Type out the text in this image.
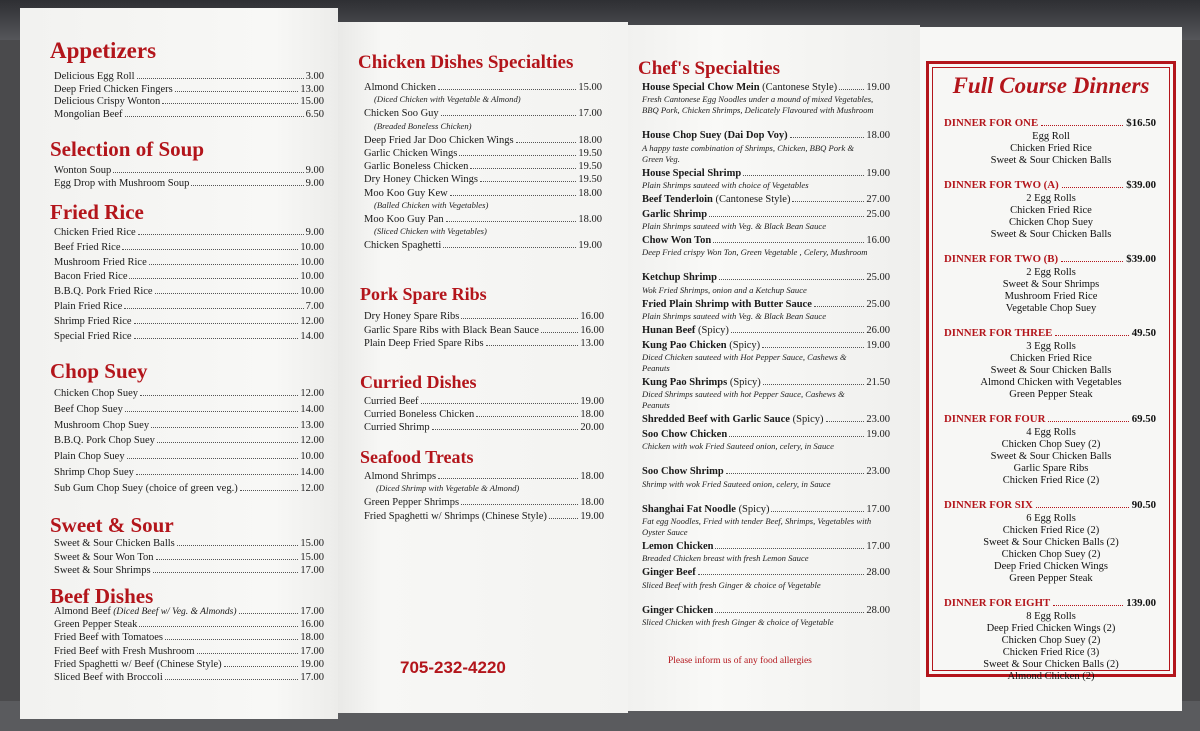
Appetizers
Delicious Egg Roll	3.00
Deep Fried Chicken Fingers	13.00
Delicious Crispy Wonton	15.00
Mongolian Beef	6.50
Selection of Soup
Wonton Soup	9.00
Egg Drop with Mushroom Soup	9.00
Fried Rice
Chicken Fried Rice	9.00
Beef Fried Rice	10.00
Mushroom Fried Rice	10.00
Bacon Fried Rice	10.00
B.B.Q. Pork Fried Rice	10.00
Plain Fried Rice	7.00
Shrimp Fried Rice	12.00
Special Fried Rice	14.00
Chop Suey
Chicken Chop Suey	12.00
Beef Chop Suey	14.00
Mushroom Chop Suey	13.00
B.B.Q. Pork Chop Suey	12.00
Plain Chop Suey	10.00
Shrimp Chop Suey	14.00
Sub Gum Chop Suey (choice of green veg.)	12.00
Sweet & Sour
Sweet & Sour Chicken Balls	15.00
Sweet & Sour Won Ton	15.00
Sweet & Sour Shrimps	17.00
Beef Dishes
Almond Beef (Diced Beef w/ Veg. & Almonds)	17.00
Green Pepper Steak	16.00
Fried Beef with Tomatoes	18.00
Fried Beef with Fresh Mushroom	17.00
Fried Spaghetti w/ Beef (Chinese Style)	19.00
Sliced Beef with Broccoli	17.00
Chicken Dishes Specialties
Almond Chicken	15.00
(Diced Chicken with Vegetable & Almond)
Chicken Soo Guy	17.00
(Breaded Boneless Chicken)
Deep Fried Jar Doo Chicken Wings	18.00
Garlic Chicken Wings	19.50
Garlic Boneless Chicken	19.50
Dry Honey Chicken Wings	19.50
Moo Koo Guy Kew	18.00
(Balled Chicken with Vegetables)
Moo Koo Guy Pan	18.00
(Sliced Chicken with Vegetables)
Chicken Spaghetti	19.00
Pork Spare Ribs
Dry Honey Spare Ribs	16.00
Garlic Spare Ribs with Black Bean Sauce	16.00
Plain Deep Fried Spare Ribs	13.00
Curried Dishes
Curried Beef	19.00
Curried Boneless Chicken	18.00
Curried Shrimp	20.00
Seafood Treats
Almond Shrimps	18.00
(Diced Shrimp with Vegetable & Almond)
Green Pepper Shrimps	18.00
Fried Spaghetti w/ Shrimps (Chinese Style)	19.00
705-232-4220
Chef's Specialties
House Special Chow Mein (Cantonese Style)	19.00
Fresh Cantonese Egg Noodles under a mound of mixed Vegetables, BBQ Pork, Chicken Shrimps, Delicately Flavoured with Mushroom
House Chop Suey (Dai Dop Voy)	18.00
A happy taste combination of Shrimps, Chicken, BBQ Pork & Green Veg.
House Special Shrimp	19.00
Plain Shrimps sauteed with choice of Vegetables
Beef Tenderloin (Cantonese Style)	27.00
Garlic Shrimp	25.00
Plain Shrimps sauteed with Veg. & Black Bean Sauce
Chow Won Ton	16.00
Deep Fried crispy Won Ton, Green Vegetable , Celery, Mushroom
Ketchup Shrimp	25.00
Wok Fried Shrimps, onion and a Ketchup Sauce
Fried Plain Shrimp with Butter Sauce	25.00
Plain Shrimps sauteed with Veg. & Black Bean Sauce
Hunan Beef (Spicy)	26.00
Kung Pao Chicken (Spicy)	19.00
Diced Chicken sauteed with Hot Pepper Sauce, Cashews & Peanuts
Kung Pao Shrimps (Spicy)	21.50
Diced Shrimps sauteed with hot Pepper Sauce, Cashews & Peanuts
Shredded Beef with Garlic Sauce (Spicy)	23.00
Soo Chow Chicken	19.00
Chicken with wok Fried Sauteed onion, celery, in Sauce
Soo Chow Shrimp	23.00
Shrimp with wok Fried Sauteed onion, celery, in Sauce
Shanghai Fat Noodle (Spicy)	17.00
Fat egg Noodles, Fried with tender Beef, Shrimps, Vegetables with Oyster Sauce
Lemon Chicken	17.00
Breaded Chicken breast with fresh Lemon Sauce
Ginger Beef	28.00
Sliced Beef with fresh Ginger & choice of Vegetable
Ginger Chicken	28.00
Sliced Chicken with fresh Ginger & choice of Vegetable
Please inform us of any food allergies
Full Course Dinners
DINNER FOR ONE	$16.50
Egg Roll
Chicken Fried Rice
Sweet & Sour Chicken Balls
DINNER FOR TWO (A)	$39.00
2 Egg Rolls
Chicken Fried Rice
Chicken Chop Suey
Sweet & Sour Chicken Balls
DINNER FOR TWO (B)	$39.00
2 Egg Rolls
Sweet & Sour Shrimps
Mushroom Fried Rice
Vegetable Chop Suey
DINNER FOR THREE	49.50
3 Egg Rolls
Chicken Fried Rice
Sweet & Sour Chicken Balls
Almond Chicken with Vegetables
Green Pepper Steak
DINNER FOR FOUR	69.50
4 Egg Rolls
Chicken Chop Suey (2)
Sweet & Sour Chicken Balls
Garlic Spare Ribs
Chicken Fried Rice (2)
DINNER FOR SIX	90.50
6 Egg Rolls
Chicken Fried Rice (2)
Sweet & Sour Chicken Balls (2)
Chicken Chop Suey (2)
Deep Fried Chicken Wings
Green Pepper Steak
DINNER FOR EIGHT	139.00
8 Egg Rolls
Deep Fried Chicken Wings (2)
Chicken Chop Suey (2)
Chicken Fried Rice (3)
Sweet & Sour Chicken Balls (2)
Almond Chicken (2)
